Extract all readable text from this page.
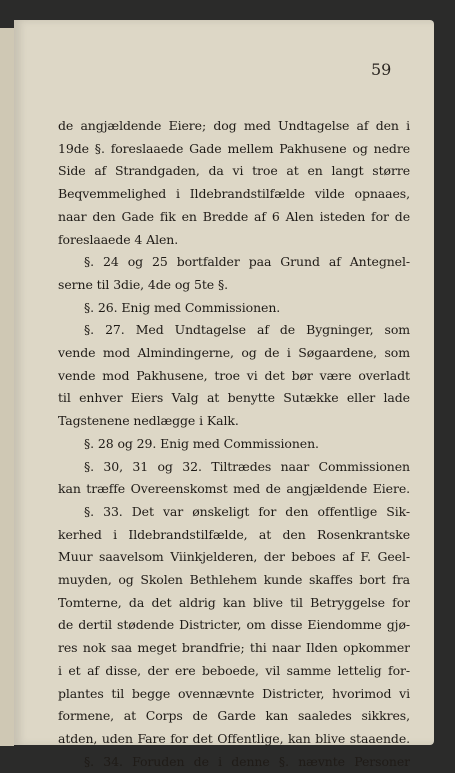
59
de angjældende Eiere; dog med Undtagelse af den i
19de §. foreslaaede Gade mellem Pakhusene og nedre
Side af Strandgaden, da vi troe at en langt større
Beqvemmelighed i Ildebrandstilfælde vilde opnaaes,
naar den Gade fik en Bredde af 6 Alen isteden for de
foreslaaede 4 Alen.
§. 24 og 25 bortfalder paa Grund af Antegnel-
serne til 3die, 4de og 5te §.
§. 26. Enig med Commissionen.
§. 27. Med Undtagelse af de Bygninger, som
vende mod Almindingerne, og de i Søgaardene, som
vende mod Pakhusene, troe vi det bør være overladt
til enhver Eiers Valg at benytte Sutække eller lade
Tagstenene nedlægge i Kalk.
§. 28 og 29. Enig med Commissionen.
§. 30, 31 og 32. Tiltrædes naar Commissionen
kan træffe Overeenskomst med de angjældende Eiere.
§. 33. Det var ønskeligt for den offentlige Sik-
kerhed i Ildebrandstilfælde, at den Rosenkrantske
Muur saavelsom Viinkjelderen, der beboes af F. Geel-
muyden, og Skolen Bethlehem kunde skaffes bort fra
Tomterne, da det aldrig kan blive til Betryggelse for
de dertil stødende Districter, om disse Eiendomme gjø-
res nok saa meget brandfrie; thi naar Ilden opkommer
i et af disse, der ere beboede, vil samme lettelig for-
plantes til begge ovennævnte Districter, hvorimod vi
formene, at Corps de Garde kan saaledes sikkres,
atden, uden Fare for det Offentlige, kan blive staaende.
§. 34. Foruden de i denne §. nævnte Personer
